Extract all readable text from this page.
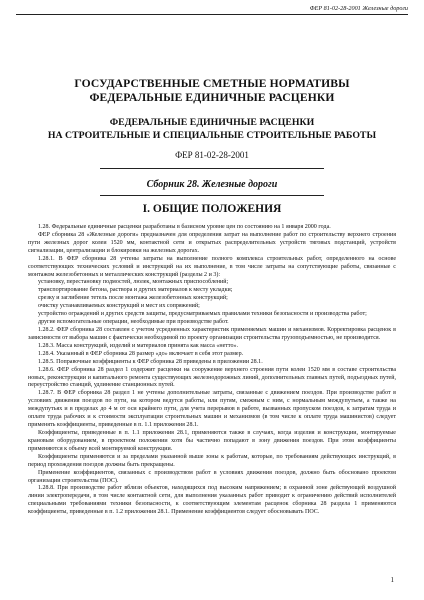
ФЕР 81-02-28-2001 Железные дороги
ГОСУДАРСТВЕННЫЕ СМЕТНЫЕ НОРМАТИВЫ
ФЕДЕРАЛЬНЫЕ ЕДИНИЧНЫЕ РАСЦЕНКИ
ФЕДЕРАЛЬНЫЕ ЕДИНИЧНЫЕ РАСЦЕНКИ
НА СТРОИТЕЛЬНЫЕ И СПЕЦИАЛЬНЫЕ СТРОИТЕЛЬНЫЕ РАБОТЫ
ФЕР 81-02-28-2001
Сборник 28. Железные дороги
I. ОБЩИЕ ПОЛОЖЕНИЯ

1.28. Федеральные единичные расценки разработаны в базисном уровне цен по состоянию на 1 января 2000 года.

ФЕР сборника 28 «Железные дороги» предназначен для определения затрат на выполнение работ по строительству верхнего строения пути железных дорог колеи 1520 мм, контактной сети и открытых распределительных устройств тяговых подстанций, устройств сигнализации, централизации и блокировки на железных дорогах.

1.28.1. В ФЕР сборника 28 учтены затраты на выполнение полного комплекса строительных работ, определенного на основе соответствующих технических условий и инструкций на их выполнение, в том числе затраты на сопутствующие работы, связанные с монтажом железобетонных и металлических конструкций (разделы 2 и 3):

установку, перестановку подмостей, люлек, монтажных приспособлений;

транспортирование бетона, раствора и других материалов к месту укладки;

срезку и заглибение тетель после монтажа железобетонных конструкций;

очистку устанавливаемых конструкций и мест их сопряжений;

устройство ограждений и других средств защиты, предусматриваемых правилами техники безопасности и производства работ;

другие вспомогательные операции, необходимые при производстве работ.

1.28.2. ФЕР сборника 28 составлен с учетом усредненных характеристик применяемых машин и механизмов. Корректировка расценок в зависимости от выбора машин с фактически необходимой по проекту организации строительства грузоподъемностью, не производится.

1.28.3. Масса конструкций, изделий и материалов принята как масса «нетто».

1.28.4. Указанный в ФЕР сборника 28 размер «до» включает в себя этот размер.

1.28.5. Поправочные коэффициенты к ФЕР сборника 28 приведены в приложении 28.1.

1.28.6. ФЕР сборника 28 раздел 1 содержит расценки на сооружение верхнего строения пути колеи 1520 мм в составе строительства новых, реконструкции и капитального ремонта существующих железнодорожных линий, дополнительных главных путей, подъездных путей, переустройство станций, удлинение станционных путей.

1.28.7. В ФЕР сборника 28 раздел 1 не учтены дополнительные затраты, связанные с движением поездов. При производстве работ в условиях движения поездов по пути, на котором ведутся работы, или путям, смежным с ним, с нормальным междупутьем, а также на междупутьях и в пределах до 4 м от оси крайнего пути, для учета перерывов в работе, вызванных пропуском поездов, к затратам труда и оплате труда рабочих и к стоимости эксплуатации строительных машин и механизмов (в том числе к оплате труда машинистов) следует применять коэффициенты, приведенные в п. 1.1 приложения 28.1.

Коэффициенты, приведенные в п. 1.1 приложения 28.1, применяются также в случаях, когда изделия и конструкции, монтируемые крановым оборудованием, в проектном положении хотя бы частично попадают в зону движения поездов. При этом коэффициенты применяются к объему всей монтируемой конструкции.

Коэффициенты применяются и за пределами указанной выше зоны к работам, которые, по требованиям действующих инструкций, в период прохождения поездов должны быть прекращены.

Применение коэффициентов, связанных с производством работ в условиях движения поездов, должно быть обосновано проектом организации строительства (ПОС).

1.28.8. При производстве работ вблизи объектов, находящихся под высоким напряжением; в охранной зоне действующей воздушной линии электропередачи, в том числе контактной сети, для выполнения указанных работ приводит к ограничению действий исполнителей специальными требованиями техники безопасности, к соответствующим элементам расценок сборника 28 раздела 1 применяются коэффициенты, приведенные в п. 1.2 приложения 28.1. Применение коэффициентов следует обосновывать ПОС.

1
